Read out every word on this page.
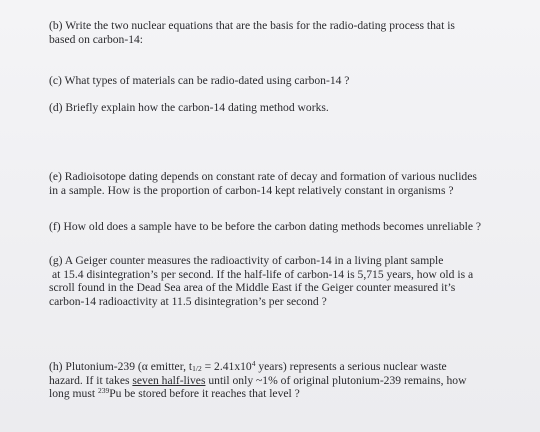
(b) Write the two nuclear equations that are the basis for the radio-dating process that is
based on carbon-14:
(c) What types of materials can be radio-dated using carbon-14 ?
(d) Briefly explain how the carbon-14 dating method works.
(e) Radioisotope dating depends on constant rate of decay and formation of various nuclides
in a sample. How is the proportion of carbon-14 kept relatively constant in organisms ?
(f) How old does a sample have to be before the carbon dating methods becomes unreliable ?
(g) A Geiger counter measures the radioactivity of carbon-14 in a living plant sample
at 15.4 disintegration’s per second. If the half-life of carbon-14 is 5,715 years, how old is a
scroll found in the Dead Sea area of the Middle East if the Geiger counter measured it’s
carbon-14 radioactivity at 11.5 disintegration’s per second ?
(h) Plutonium-239 (α emitter, $t_{1/2} = 2.41x10^4$ years) represents a serious nuclear waste
hazard. If it takes seven half-lives until only ~1% of original plutonium-239 remains, how
long must $^{239}$Pu be stored before it reaches that level ?
